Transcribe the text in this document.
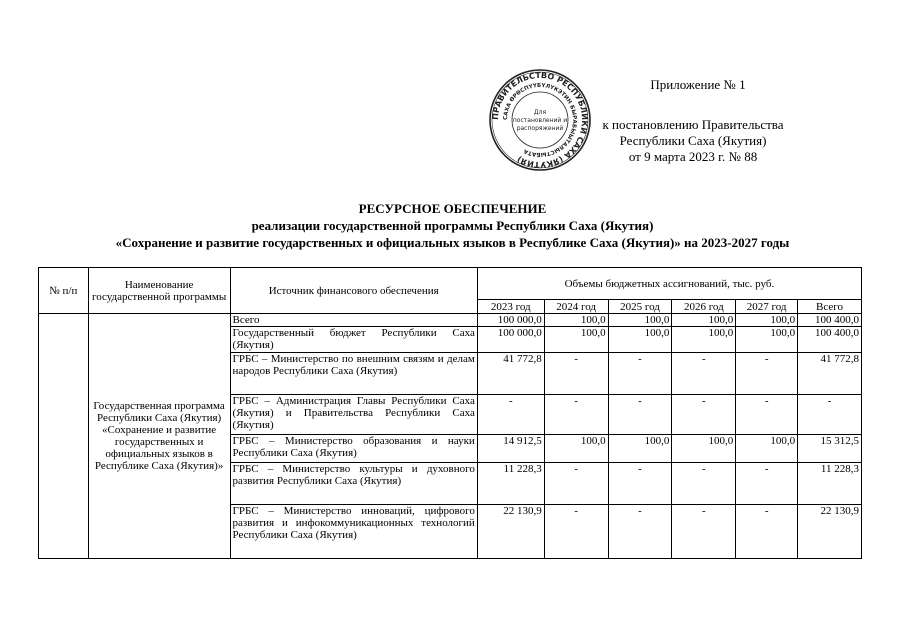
ПРАВИТЕЛЬСТВО РЕСПУБЛИКИ САХА (ЯКУТИЯ)
САХА ӨРӨСПҮҮБҮЛҮКЭТИН БЫРАБЫЫТАЛЫСТЫБАТА
Для
постановлений и
распоряжений
Приложение № 1
к постановлению Правительства
Республики Саха (Якутия)
от 9 марта 2023 г. № 88
РЕСУРСНОЕ ОБЕСПЕЧЕНИЕ
реализации государственной программы Республики Саха (Якутия)
«Сохранение и развитие государственных и официальных языков в Республике Саха (Якутия)» на 2023-2027 годы
№ п/п	Наименование государственной программы	Источник финансового обеспечения	Объемы бюджетных ассигнований, тыс. руб.					
			2023 год	2024 год	2025 год	2026 год	2027 год	Всего
	Государственная программа Республики Саха (Якутия) «Сохранение и развитие государственных и официальных языков в Республике Саха (Якутия)»	Всего	100 000,0	100,0	100,0	100,0	100,0	100 400,0
		Государственный бюджет Республики Саха (Якутия)	100 000,0	100,0	100,0	100,0	100,0	100 400,0
		ГРБС – Министерство по внешним связям и делам народов Республики Саха (Якутия)	41 772,8	-	-	-	-	41 772,8
		ГРБС – Администрация Главы Республики Саха (Якутия) и Правительства Республики Саха (Якутия)	-	-	-	-	-	-
		ГРБС – Министерство образования и науки Республики Саха (Якутия)	14 912,5	100,0	100,0	100,0	100,0	15 312,5
		ГРБС – Министерство культуры и духовного развития Республики Саха (Якутия)	11 228,3	-	-	-	-	11 228,3
		ГРБС – Министерство инноваций, цифрового развития и инфокоммуникационных технологий Республики Саха (Якутия)	22 130,9	-	-	-	-	22 130,9
